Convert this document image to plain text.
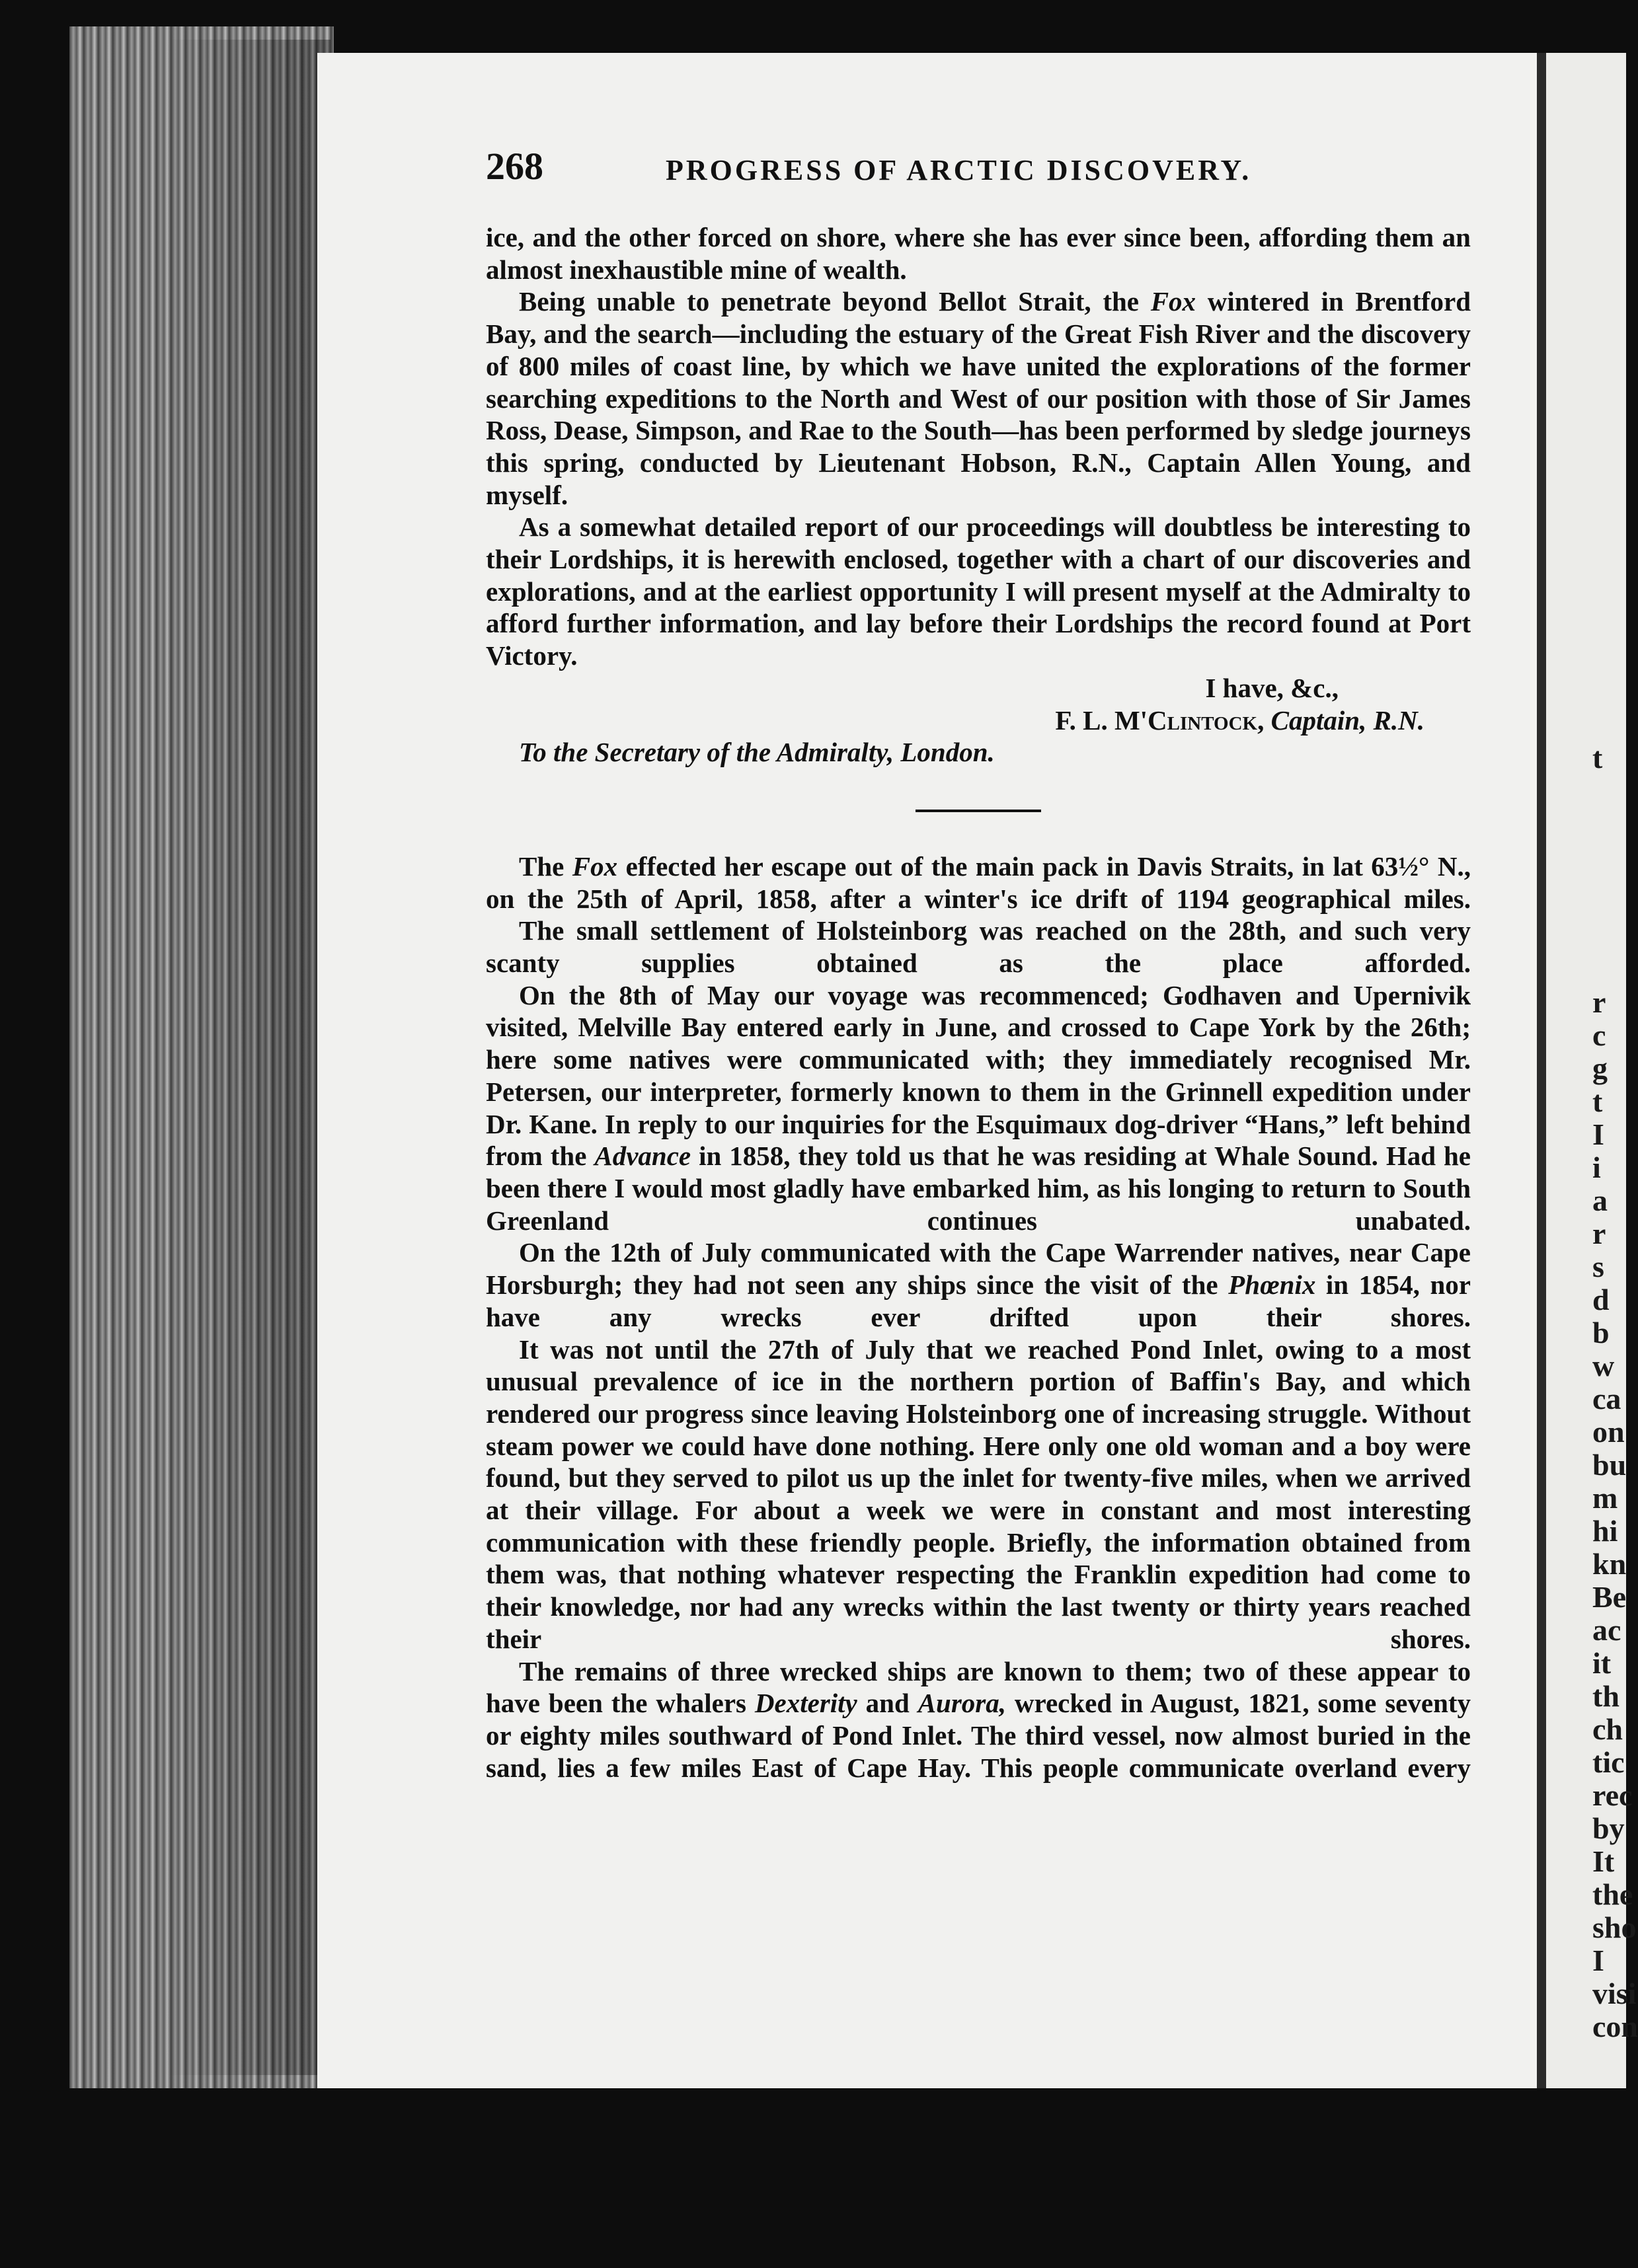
t
r
c
g
t
I
i
a
r
s
d
b
w
ca
on
bu
m
hi
kn
Be
ac
it
th
ch
tic
rec
by
It
the
sho
I
visi
con
268	PROGRESS OF ARCTIC DISCOVERY.

ice, and the other forced on shore, where she has ever since been, affording them an almost inexhaustible mine of wealth.

Being unable to penetrate beyond Bellot Strait, the Fox wintered in Brentford Bay, and the search—including the estuary of the Great Fish River and the discovery of 800 miles of coast line, by which we have united the explorations of the former searching expeditions to the North and West of our position with those of Sir James Ross, Dease, Simpson, and Rae to the South—has been performed by sledge journeys this spring, conducted by Lieutenant Hobson, R.N., Captain Allen Young, and myself.

As a somewhat detailed report of our proceedings will doubtless be interesting to their Lordships, it is herewith enclosed, together with a chart of our discoveries and explorations, and at the earliest opportunity I will present myself at the Admiralty to afford further information, and lay before their Lordships the record found at Port Victory.

I have, &c.,

F. L. M'Clintock, Captain, R.N.

To the Secretary of the Admiralty, London.

The Fox effected her escape out of the main pack in Davis Straits, in lat 63½° N., on the 25th of April, 1858, after a winter's ice drift of 1194 geographical miles.

The small settlement of Holsteinborg was reached on the 28th, and such very scanty supplies obtained as the place afforded.

On the 8th of May our voyage was recommenced; Godhaven and Upernivik visited, Melville Bay entered early in June, and crossed to Cape York by the 26th; here some natives were communicated with; they immediately recognised Mr. Petersen, our interpreter, formerly known to them in the Grinnell expedition under Dr. Kane. In reply to our inquiries for the Esquimaux dog-driver “Hans,” left behind from the Advance in 1858, they told us that he was residing at Whale Sound. Had he been there I would most gladly have embarked him, as his longing to return to South Greenland continues unabated.

On the 12th of July communicated with the Cape Warrender natives, near Cape Horsburgh; they had not seen any ships since the visit of the Phœnix in 1854, nor have any wrecks ever drifted upon their shores.

It was not until the 27th of July that we reached Pond Inlet, owing to a most unusual prevalence of ice in the northern portion of Baffin's Bay, and which rendered our progress since leaving Holsteinborg one of increasing struggle. Without steam power we could have done nothing. Here only one old woman and a boy were found, but they served to pilot us up the inlet for twenty-five miles, when we arrived at their village. For about a week we were in constant and most interesting communication with these friendly people. Briefly, the information obtained from them was, that nothing whatever respecting the Franklin expedition had come to their knowledge, nor had any wrecks within the last twenty or thirty years reached their shores.

The remains of three wrecked ships are known to them; two of these appear to have been the whalers Dexterity and Aurora, wrecked in August, 1821, some seventy or eighty miles southward of Pond Inlet. The third vessel, now almost buried in the sand, lies a few miles East of Cape Hay. This people communicate overland every
